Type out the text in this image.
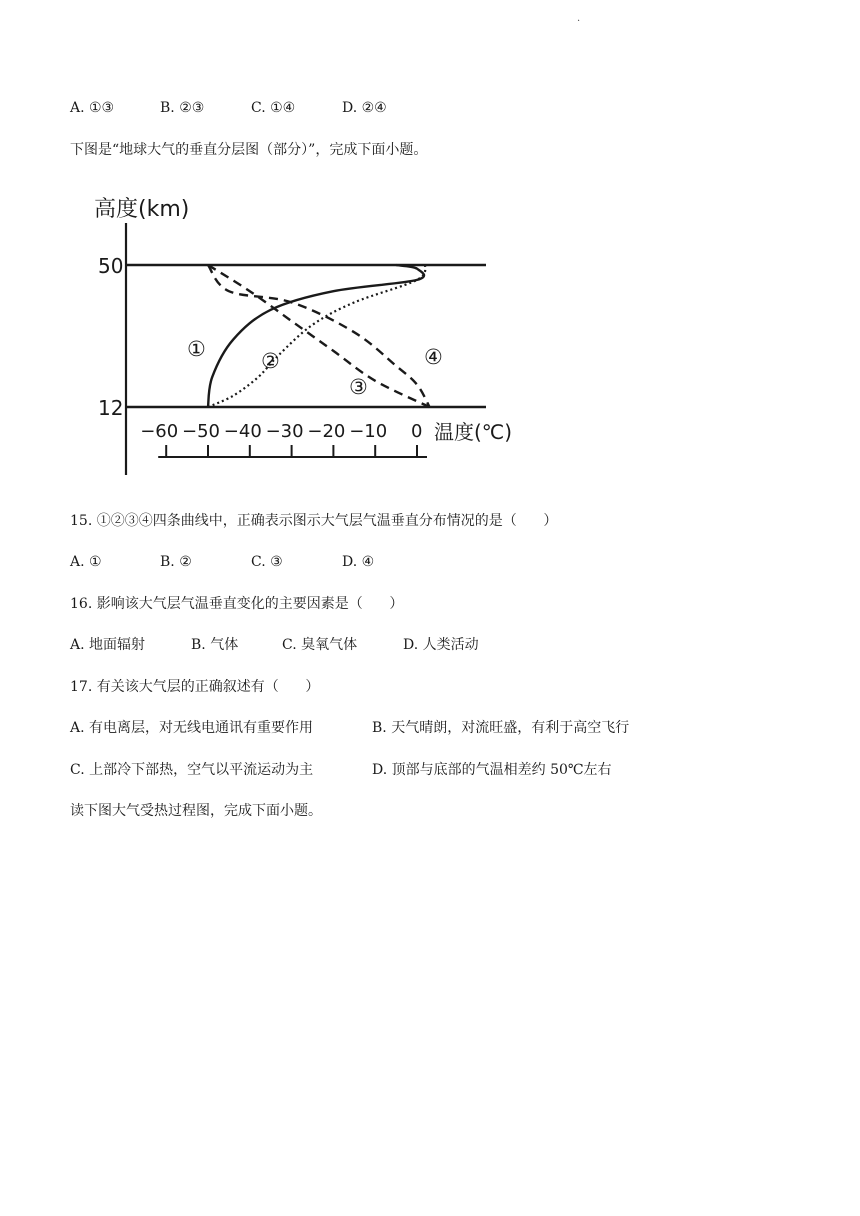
·
A. ①③	B. ②③	C. ①④	D. ②④
下图是“地球大气的垂直分层图（部分）”，完成下面小题。
高度(km)
50
12
−60 −50 −40 −30 −20 −10 0 温度(℃)
①	②
③
④
15. ①②③④四条曲线中，正确表示图示大气层气温垂直分布情况的是（      ）
A. ①	B. ②	C. ③	D. ④
16. 影响该大气层气温垂直变化的主要因素是（      ）
A. 地面辐射	B. 气体	C. 臭氧气体	D. 人类活动
17. 有关该大气层的正确叙述有（      ）
A. 有电离层，对无线电通讯有重要作用	B. 天气晴朗，对流旺盛，有利于高空飞行
C. 上部冷下部热，空气以平流运动为主	D. 顶部与底部的气温相差约 50℃左右
读下图大气受热过程图，完成下面小题。
